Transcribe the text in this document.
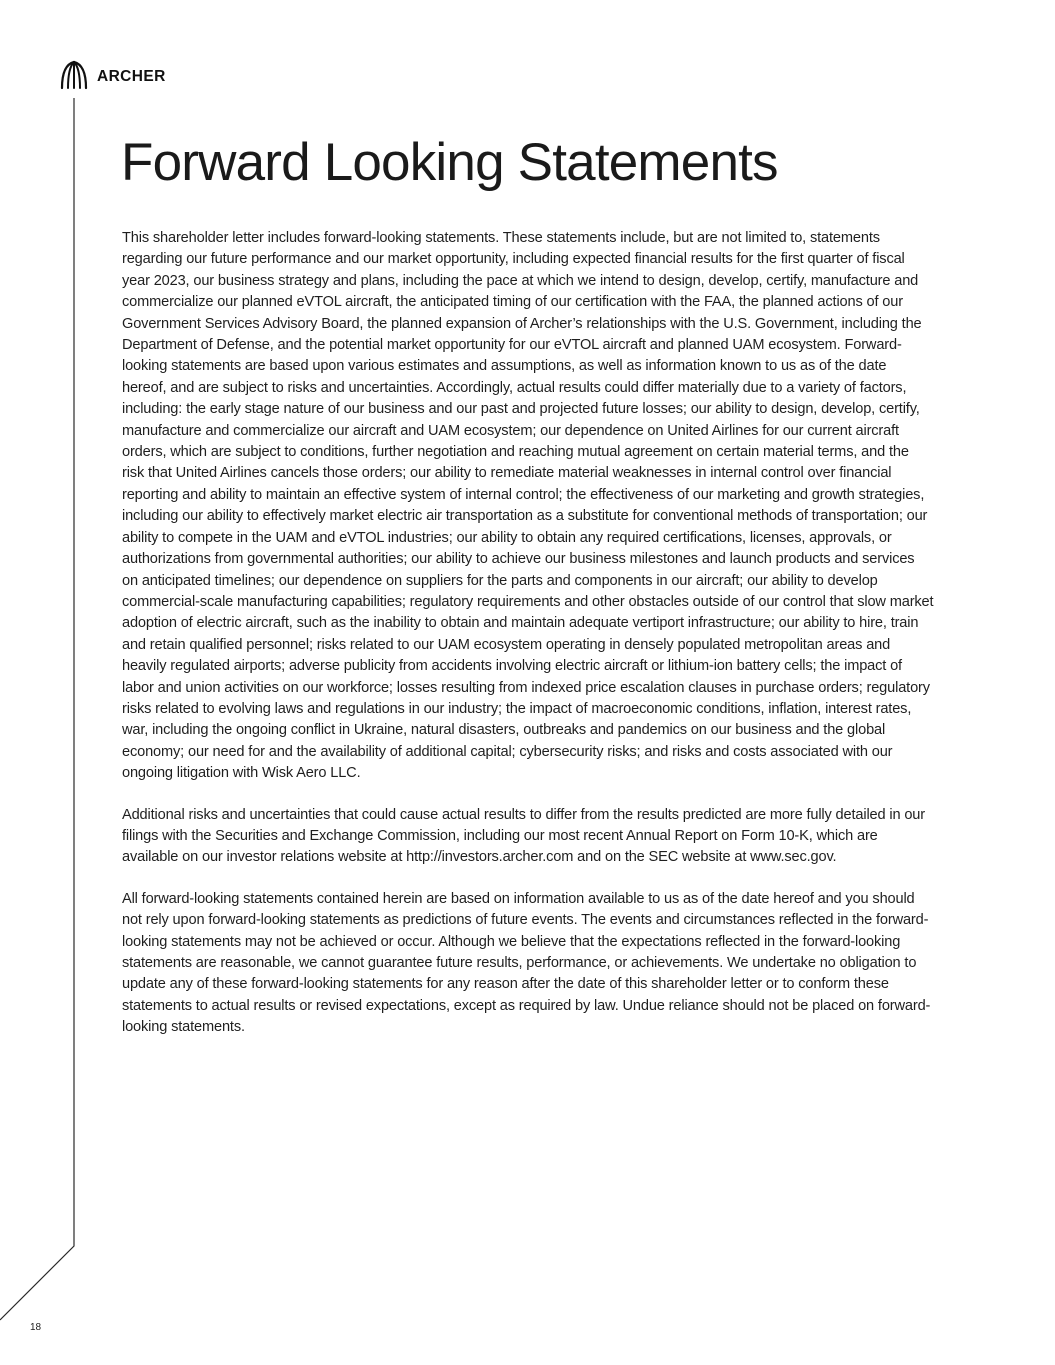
ARCHER
Forward Looking Statements

This shareholder letter includes forward-looking statements. These statements include, but are not limited to, statements regarding our future performance and our market opportunity, including expected financial results for the first quarter of fiscal year 2023, our business strategy and plans, including the pace at which we intend to design, develop, certify, manufacture and commercialize our planned eVTOL aircraft, the anticipated timing of our certification with the FAA, the planned actions of our Government Services Advisory Board, the planned expansion of Archer’s relationships with the U.S. Government, including the Department of Defense, and the potential market opportunity for our eVTOL aircraft and planned UAM ecosystem. Forward-looking statements are based upon various estimates and assumptions, as well as information known to us as of the date hereof, and are subject to risks and uncertainties. Accordingly, actual results could differ materially due to a variety of factors, including: the early stage nature of our business and our past and projected future losses; our ability to design, develop, certify, manufacture and commercialize our aircraft and UAM ecosystem; our dependence on United Airlines for our current aircraft orders, which are subject to conditions, further negotiation and reaching mutual agreement on certain material terms, and the risk that United Airlines cancels those orders; our ability to remediate material weaknesses in internal control over financial reporting and ability to maintain an effective system of internal control; the effectiveness of our marketing and growth strategies, including our ability to effectively market electric air transportation as a substitute for conventional methods of transportation; our ability to compete in the UAM and eVTOL industries; our ability to obtain any required certifications, licenses, approvals, or authorizations from governmental authorities; our ability to achieve our business milestones and launch products and services on anticipated timelines; our dependence on suppliers for the parts and components in our aircraft; our ability to develop commercial-scale manufacturing capabilities; regulatory requirements and other obstacles outside of our control that slow market adoption of electric aircraft, such as the inability to obtain and maintain adequate vertiport infrastructure; our ability to hire, train and retain qualified personnel; risks related to our UAM ecosystem operating in densely populated metropolitan areas and heavily regulated airports; adverse publicity from accidents involving electric aircraft or lithium-ion battery cells; the impact of labor and union activities on our workforce; losses resulting from indexed price escalation clauses in purchase orders; regulatory risks related to evolving laws and regulations in our industry; the impact of macroeconomic conditions, inflation, interest rates, war, including the ongoing conflict in Ukraine, natural disasters, outbreaks and pandemics on our business and the global economy; our need for and the availability of additional capital; cybersecurity risks; and risks and costs associated with our ongoing litigation with Wisk Aero LLC.

Additional risks and uncertainties that could cause actual results to differ from the results predicted are more fully detailed in our filings with the Securities and Exchange Commission, including our most recent Annual Report on Form 10-K, which are available on our investor relations website at http://investors.archer.com and on the SEC website at www.sec.gov.

All forward-looking statements contained herein are based on information available to us as of the date hereof and you should not rely upon forward-looking statements as predictions of future events. The events and circumstances reflected in the forward-looking statements may not be achieved or occur. Although we believe that the expectations reflected in the forward-looking statements are reasonable, we cannot guarantee future results, performance, or achievements. We undertake no obligation to update any of these forward-looking statements for any reason after the date of this shareholder letter or to conform these statements to actual results or revised expectations, except as required by law. Undue reliance should not be placed on forward-looking statements.

18
